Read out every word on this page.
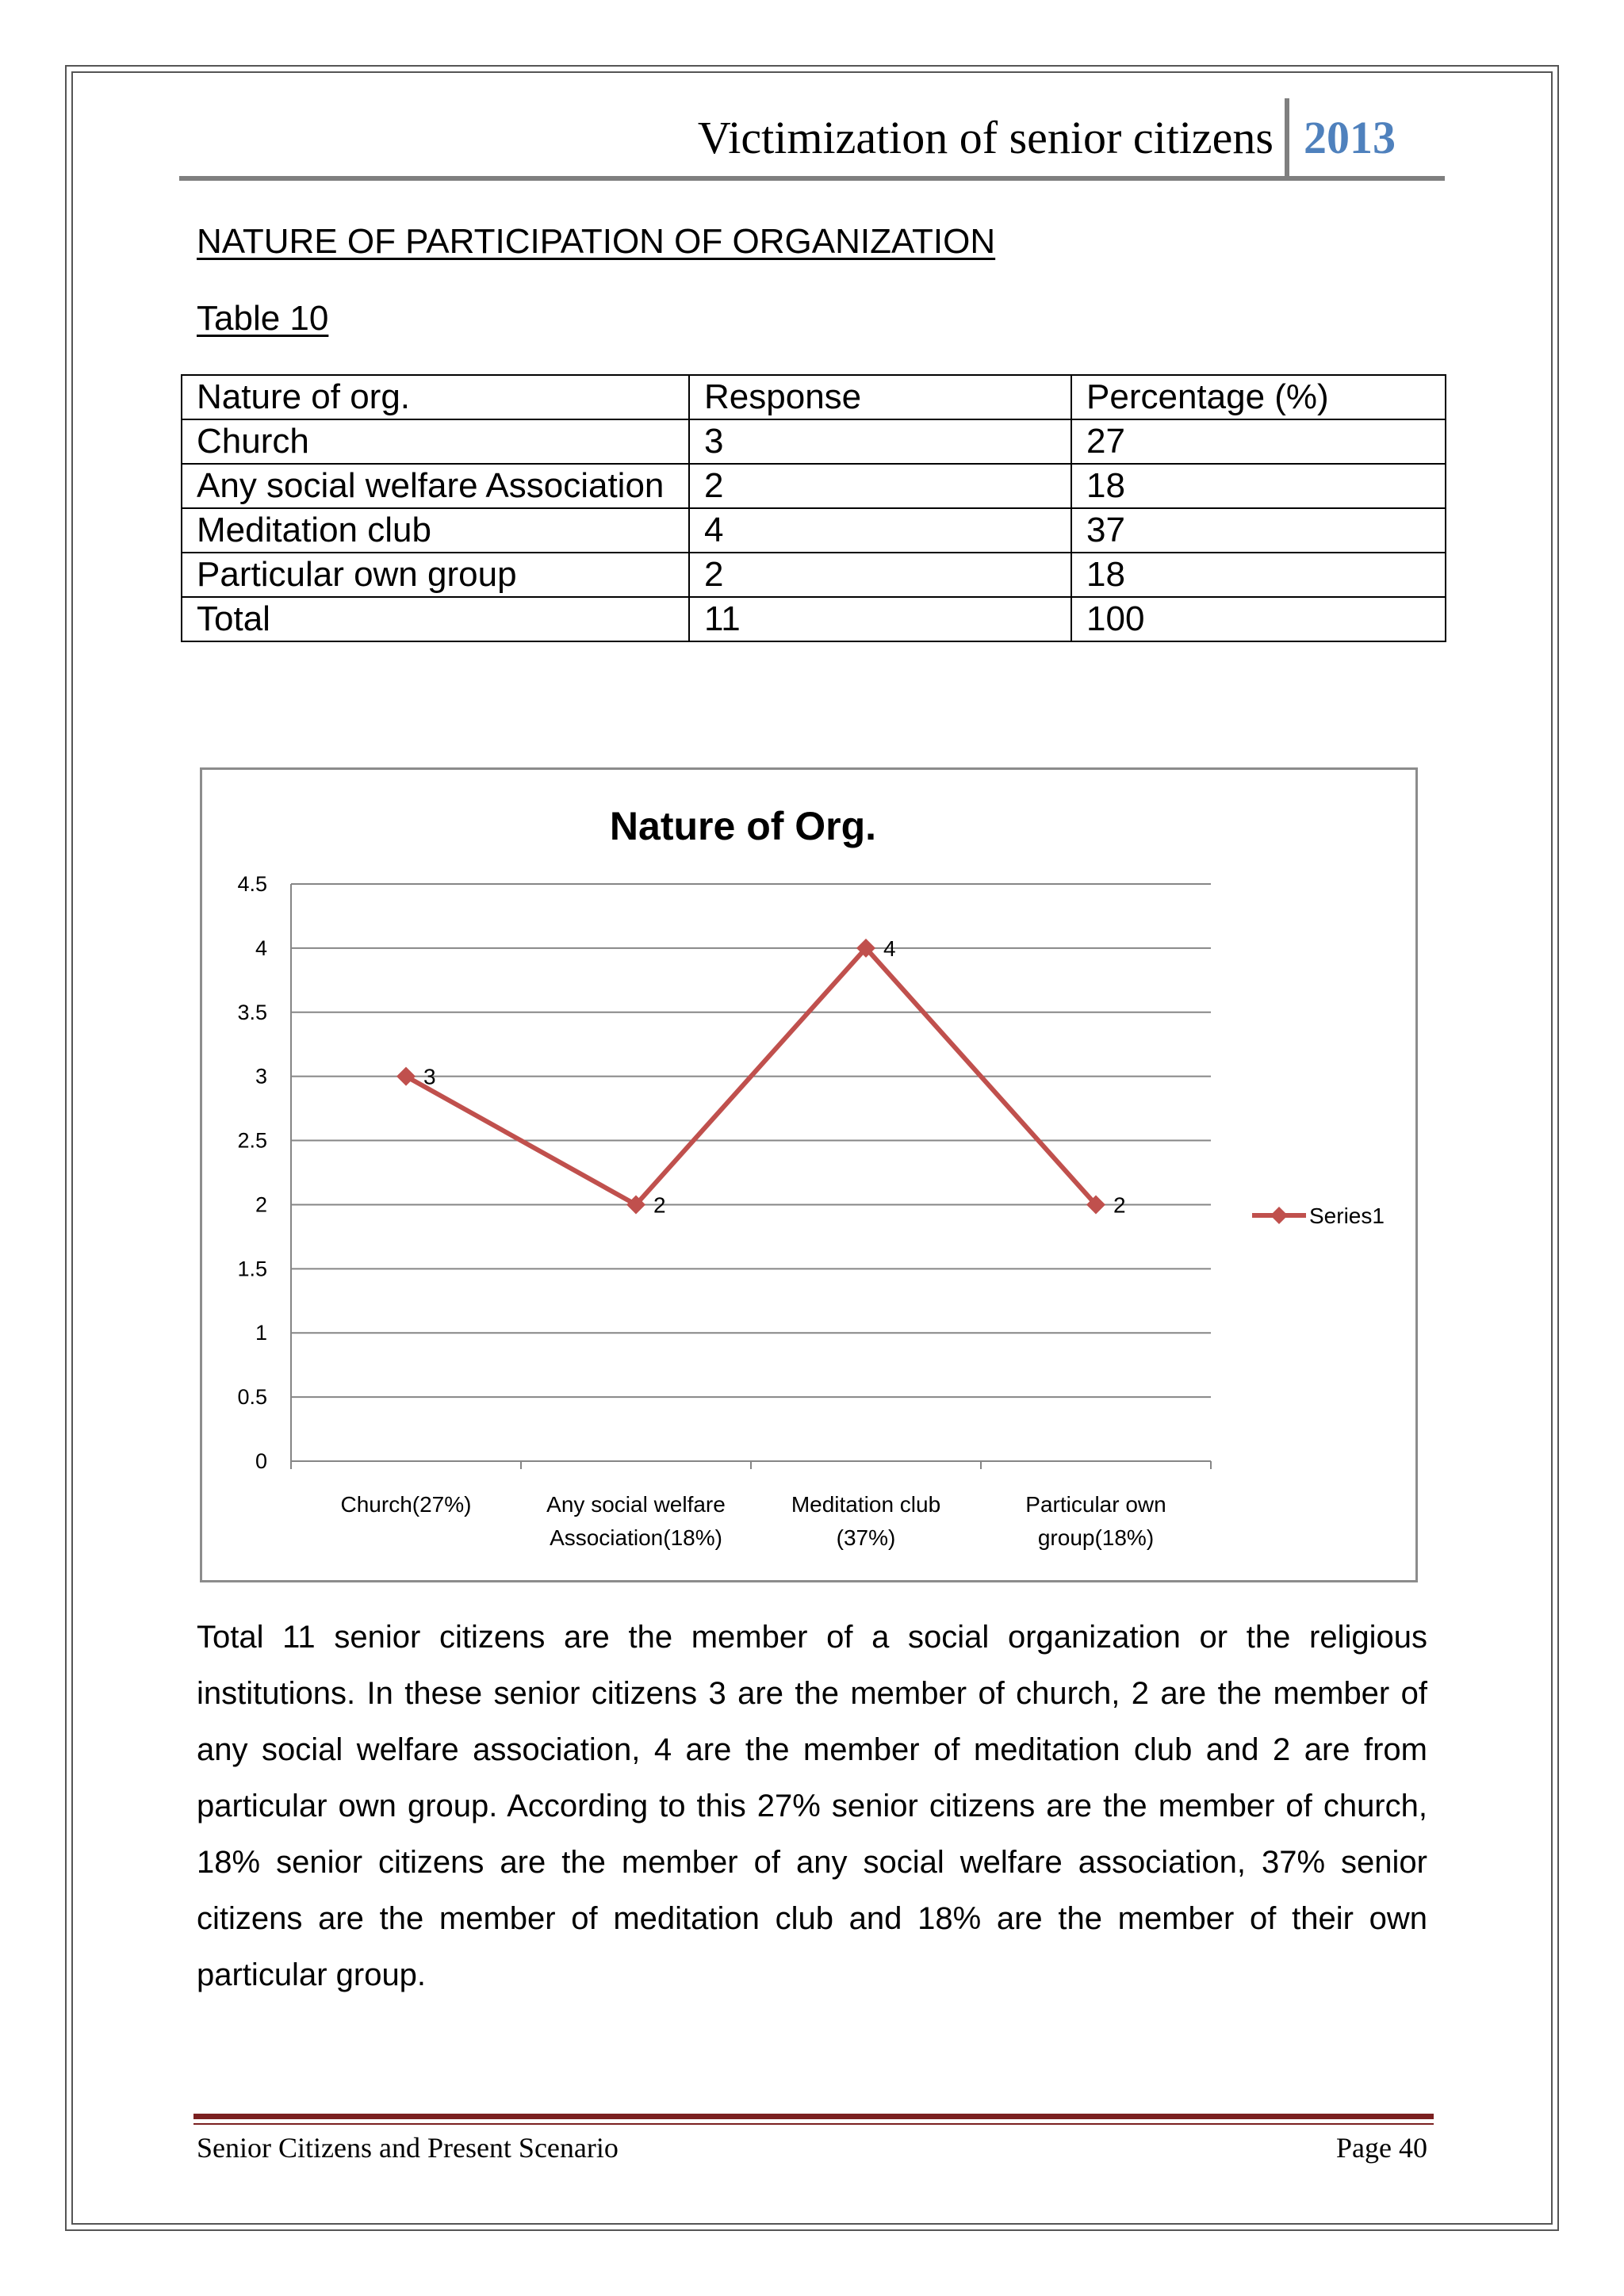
Victimization of senior citizens 2013
NATURE OF PARTICIPATION OF ORGANIZATION
Table 10
Nature of org.	Response	Percentage (%)
Church	3	27
Any social welfare Association	2	18
Meditation club	4	37
Particular own group	2	18
Total	11	100
Nature of Org.
0
0.5
1
1.5
2
2.5
3
3.5
4
4.5
Church(27%)	Any social welfare
Association(18%)
Meditation club
(37%)
Particular own
group(18%)
3
2
4
2	Series1

Total 11 senior citizens are the member of a social organization or the religious institutions. In these senior citizens 3 are the member of church, 2 are the member of any social welfare association, 4 are the member of meditation club and 2 are from particular own group. According to this 27% senior citizens are the member of church, 18% senior citizens are the member of any social welfare association, 37% senior citizens are the member of meditation club and 18% are the member of their own particular group.

Senior Citizens and Present Scenario	Page 40
